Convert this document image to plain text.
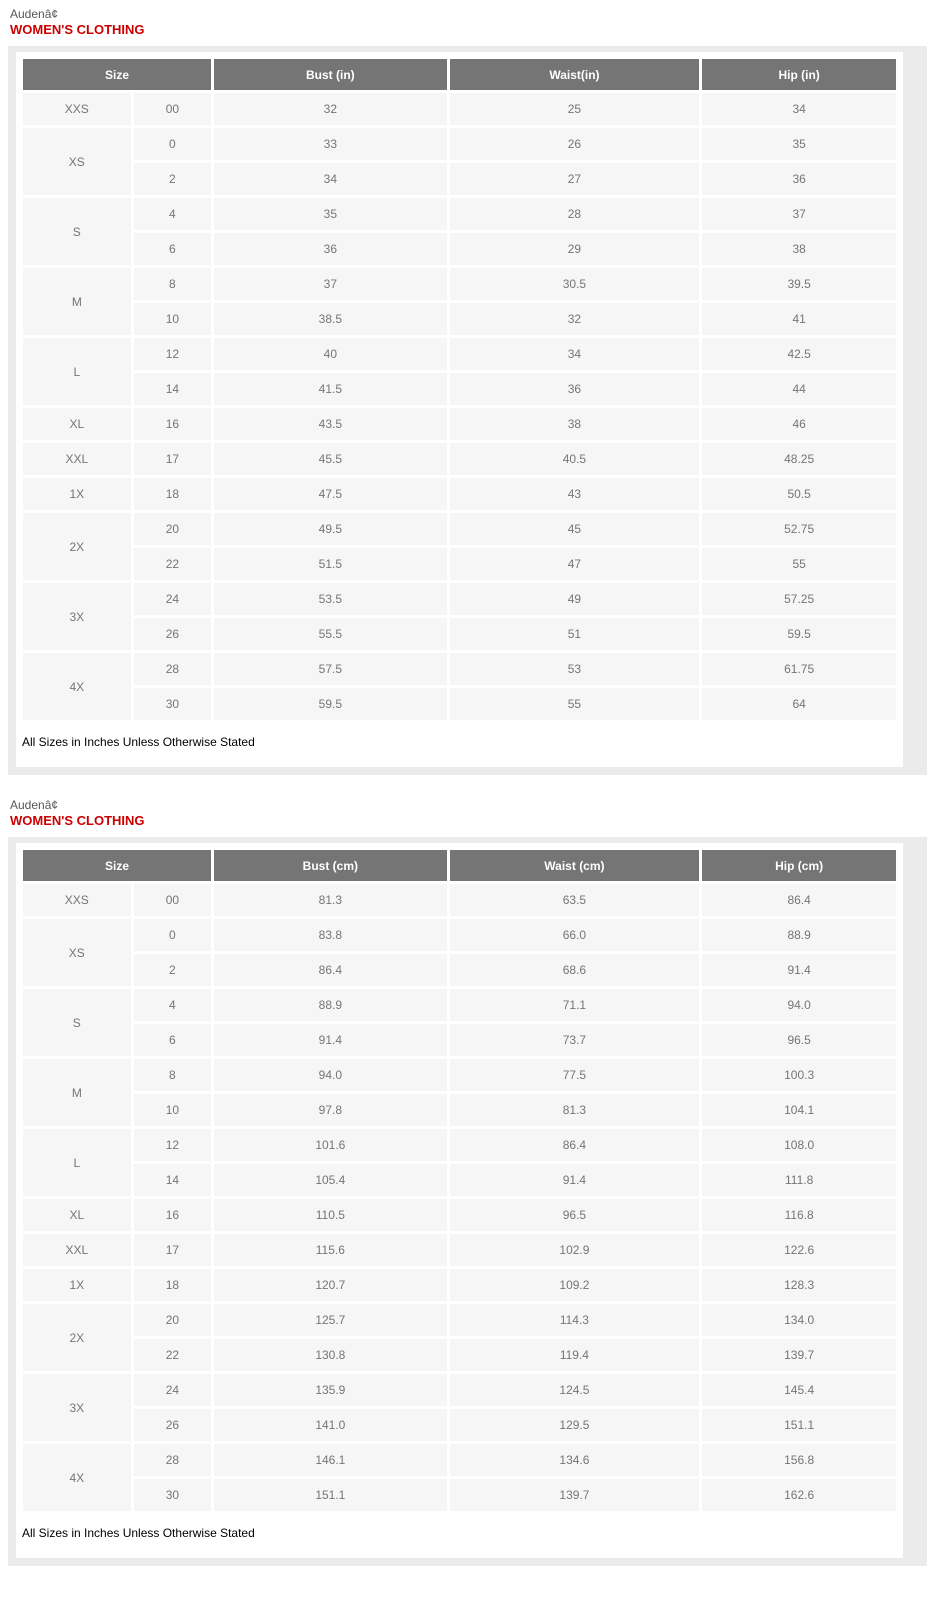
Audenâ¢
WOMEN'S CLOTHING
Size		Bust (in)	Waist(in)	Hip (in)
XXS	00	32	25	34
XS	0	33	26	35
	2	34	27	36
S	4	35	28	37
	6	36	29	38
M	8	37	30.5	39.5
	10	38.5	32	41
L	12	40	34	42.5
	14	41.5	36	44
XL	16	43.5	38	46
XXL	17	45.5	40.5	48.25
1X	18	47.5	43	50.5
2X	20	49.5	45	52.75
	22	51.5	47	55
3X	24	53.5	49	57.25
	26	55.5	51	59.5
4X	28	57.5	53	61.75
	30	59.5	55	64
All Sizes in Inches Unless Otherwise Stated
Audenâ¢
WOMEN'S CLOTHING
Size		Bust (cm)	Waist (cm)	Hip (cm)
XXS	00	81.3	63.5	86.4
XS	0	83.8	66.0	88.9
	2	86.4	68.6	91.4
S	4	88.9	71.1	94.0
	6	91.4	73.7	96.5
M	8	94.0	77.5	100.3
	10	97.8	81.3	104.1
L	12	101.6	86.4	108.0
	14	105.4	91.4	111.8
XL	16	110.5	96.5	116.8
XXL	17	115.6	102.9	122.6
1X	18	120.7	109.2	128.3
2X	20	125.7	114.3	134.0
	22	130.8	119.4	139.7
3X	24	135.9	124.5	145.4
	26	141.0	129.5	151.1
4X	28	146.1	134.6	156.8
	30	151.1	139.7	162.6
All Sizes in Inches Unless Otherwise Stated
